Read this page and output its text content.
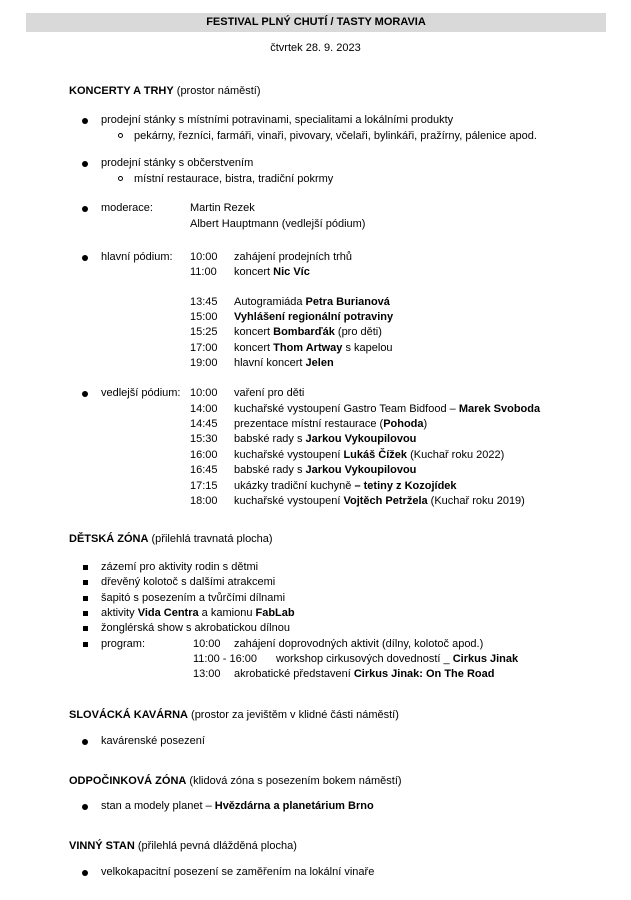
FESTIVAL PLNÝ CHUTÍ / TASTY MORAVIA
čtvrtek 28. 9. 2023
KONCERTY A TRHY (prostor náměstí)
prodejní stánky s místními potravinami, specialitami a lokálními produkty
pekárny, řezníci, farmáři, vinaři, pivovary, včelaři, bylinkáři, pražírny, pálenice apod.
prodejní stánky s občerstvením
místní restaurace, bistra, tradiční pokrmy
moderace:	Martin Rezek
Albert Hauptmann (vedlejší pódium)
hlavní pódium: 10:00 zahájení prodejních trhů
11:00 koncert Nic Víc
13:45 Autogramiáda Petra Burianová
15:00 Vyhlášení regionální potraviny
15:25 koncert Bombarďák (pro děti)
17:00 koncert Thom Artway s kapelou
19:00 hlavní koncert Jelen
vedlejší pódium: 10:00 vaření pro děti
14:00 kuchařské vystoupení Gastro Team Bidfood – Marek Svoboda
14:45 prezentace místní restaurace (Pohoda)
15:30 babské rady s Jarkou Vykoupilovou
16:00 kuchařské vystoupení Lukáš Čížek (Kuchař roku 2022)
16:45 babské rady s Jarkou Vykoupilovou
17:15 ukázky tradiční kuchyně – tetiny z Kozojídek
18:00 kuchařské vystoupení Vojtěch Petržela (Kuchař roku 2019)
DĚTSKÁ ZÓNA (přilehlá travnatá plocha)
zázemí pro aktivity rodin s dětmi
dřevěný kolotoč s dalšími atrakcemi
šapitó s posezením a tvůrčími dílnami
aktivity Vida Centra a kamionu FabLab
žonglérská show s akrobatickou dílnou
program:	10:00 zahájení doprovodných aktivit (dílny, kolotoč apod.)
11:00 - 16:00 workshop cirkusových dovedností _ Cirkus Jinak
13:00 akrobatické představení Cirkus Jinak: On The Road
SLOVÁCKÁ KAVÁRNA (prostor za jevištěm v klidné části náměstí)
kavárenské posezení
ODPOČINKOVÁ ZÓNA (klidová zóna s posezením bokem náměstí)
stan a modely planet – Hvězdárna a planetárium Brno
VINNÝ STAN (přilehlá pevná dlážděná plocha)
velkokapacitní posezení se zaměřením na lokální vinaře
